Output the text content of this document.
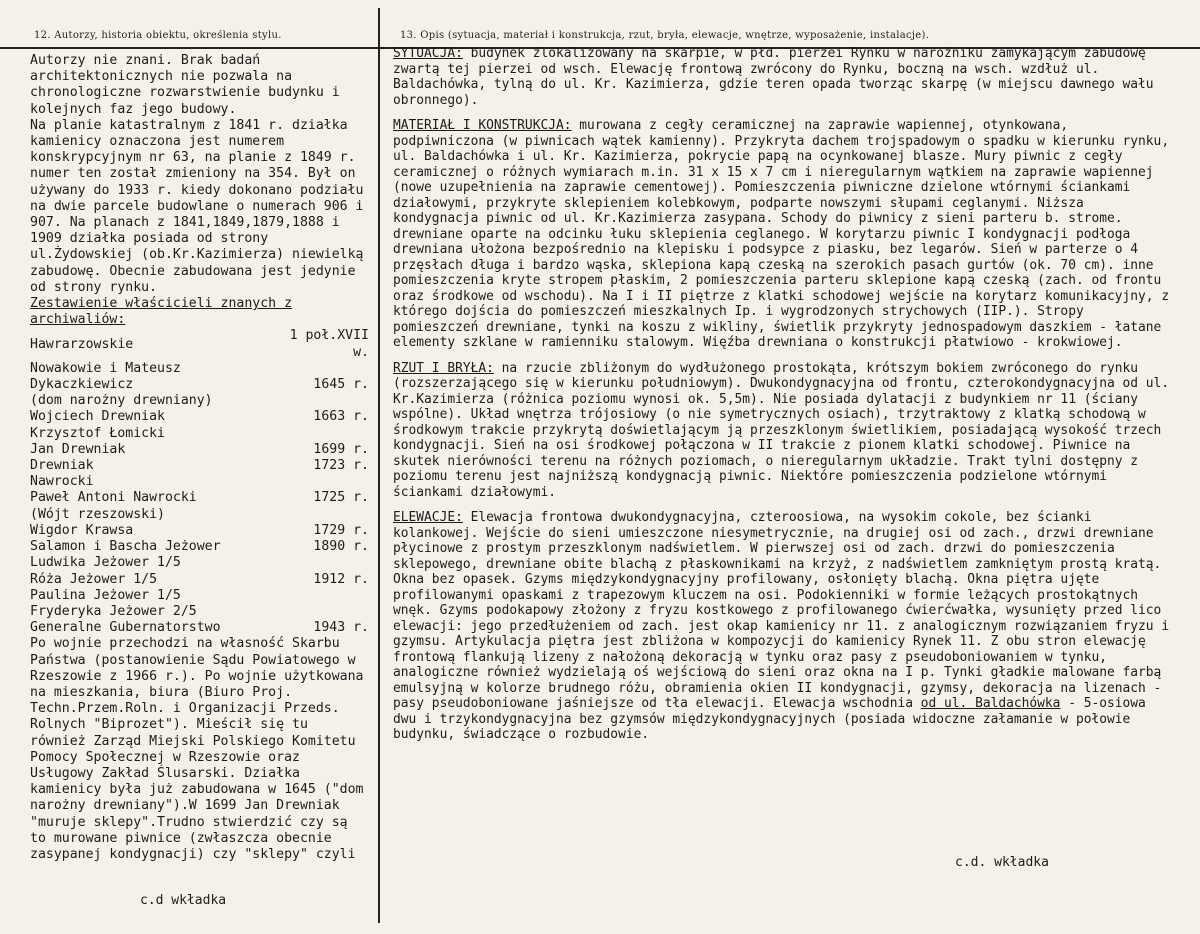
12. Autorzy, historia obiektu, określenia stylu.	13. Opis (sytuacja, materiał i konstrukcja, rzut, bryła, elewacje, wnętrze, wyposażenie, instalacje).

Autorzy nie znani. Brak badań architektonicznych nie pozwala na chronologiczne rozwarstwienie budynku i kolejnych faz jego budowy.

Na planie katastralnym z 1841 r. działka kamienicy oznaczona jest numerem konskrypcyjnym nr 63, na planie z 1849 r. numer ten został zmieniony na 354. Był on używany do 1933 r. kiedy dokonano podziału na dwie parcele budowlane o numerach 906 i 907. Na planach z 1841,1849,1879,1888 i 1909 działka posiada od strony ul.Żydowskiej (ob.Kr.Kazimierza) niewielką zabudowę. Obecnie zabudowana jest jedynie od strony rynku.

Zestawienie właścicieli znanych z archiwaliów:

Hawrarzowskie	1 poł.XVII w.
Nowakowie i Mateusz	
Dykaczkiewicz	1645 r.
(dom narożny drewniany)	
Wojciech Drewniak	1663 r.
Krzysztof Łomicki	
Jan Drewniak	1699 r.
Drewniak	1723 r.
Nawrocki	
Paweł Antoni Nawrocki	1725 r.
(Wójt rzeszowski)	
Wigdor Krawsa	1729 r.
Salamon i Bascha Jeżower	1890 r.
Ludwika Jeżower 1/5	
Róża Jeżower 1/5	1912 r.
Paulina Jeżower 1/5	
Fryderyka Jeżower 2/5	
Generalne Gubernatorstwo	1943 r.

Po wojnie przechodzi na własność Skarbu Państwa (postanowienie Sądu Powiatowego w Rzeszowie z 1966 r.). Po wojnie użytkowana na mieszkania, biura (Biuro Proj. Techn.Przem.Roln. i Organizacji Przeds. Rolnych "Biprozet"). Mieścił się tu również Zarząd Miejski Polskiego Komitetu Pomocy Społecznej w Rzeszowie oraz Usługowy Zakład Ślusarski. Działka kamienicy była już zabudowana w 1645 ("dom narożny drewniany").W 1699 Jan Drewniak "muruje sklepy".Trudno stwierdzić czy są to murowane piwnice (zwłaszcza obecnie zasypanej kondygnacji) czy "sklepy" czyli

c.d wkładka

SYTUACJA: budynek zlokalizowany na skarpie, w płd. pierzei Rynku w narożniku zamykającym zabudowę zwartą tej pierzei od wsch. Elewację frontową zwrócony do Rynku, boczną na wsch. wzdłuż ul. Baldachówka, tylną do ul. Kr. Kazimierza, gdzie teren opada tworząc skarpę (w miejscu dawnego wału obronnego).

MATERIAŁ I KONSTRUKCJA: murowana z cegły ceramicznej na zaprawie wapiennej, otynkowana, podpiwniczona (w piwnicach wątek kamienny). Przykryta dachem trojspadowym o spadku w kierunku rynku, ul. Baldachówka i ul. Kr. Kazimierza, pokrycie papą na ocynkowanej blasze. Mury piwnic z cegły ceramicznej o różnych wymiarach m.in. 31 x 15 x 7 cm i nieregularnym wątkiem na zaprawie wapiennej (nowe uzupełnienia na zaprawie cementowej). Pomieszczenia piwniczne dzielone wtórnymi ściankami działowymi, przykryte sklepieniem kolebkowym, podparte nowszymi słupami ceglanymi. Niższa kondygnacja piwnic od ul. Kr.Kazimierza zasypana. Schody do piwnicy z sieni parteru b. strome. drewniane oparte na odcinku łuku sklepienia ceglanego. W korytarzu piwnic I kondygnacji podłoga drewniana ułożona bezpośrednio na klepisku i podsypce z piasku, bez legarów. Sień w parterze o 4 przęsłach długa i bardzo wąska, sklepiona kapą czeską na szerokich pasach gurtów (ok. 70 cm). inne pomieszczenia kryte stropem płaskim, 2 pomieszczenia parteru sklepione kapą czeską (zach. od frontu oraz środkowe od wschodu). Na I i II piętrze z klatki schodowej wejście na korytarz komunikacyjny, z którego dojścia do pomieszczeń mieszkalnych Ip. i wygrodzonych strychowych (IIP.). Stropy pomieszczeń drewniane, tynki na koszu z wikliny, świetlik przykryty jednospadowym daszkiem - łatane elementy szklane w ramienniku stalowym. Więźba drewniana o konstrukcji płatwiowo - krokwiowej.

RZUT I BRYŁA: na rzucie zbliżonym do wydłużonego prostokąta, krótszym bokiem zwróconego do rynku (rozszerzającego się w kierunku południowym). Dwukondygnacyjna od frontu, czterokondygnacyjna od ul. Kr.Kazimierza (różnica poziomu wynosi ok. 5,5m). Nie posiada dylatacji z budynkiem nr 11 (ściany wspólne). Układ wnętrza trójosiowy (o nie symetrycznych osiach), trzytraktowy z klatką schodową w środkowym trakcie przykrytą doświetlającym ją przeszklonym świetlikiem, posiadającą wysokość trzech kondygnacji. Sień na osi środkowej połączona w II trakcie z pionem klatki schodowej. Piwnice na skutek nierówności terenu na różnych poziomach, o nieregularnym układzie. Trakt tylni dostępny z poziomu terenu jest najniższą kondygnacją piwnic. Niektóre pomieszczenia podzielone wtórnymi ściankami działowymi.

ELEWACJE: Elewacja frontowa dwukondygnacyjna, czteroosiowa, na wysokim cokole, bez ścianki kolankowej. Wejście do sieni umieszczone niesymetrycznie, na drugiej osi od zach., drzwi drewniane płycinowe z prostym przeszklonym nadświetlem. W pierwszej osi od zach. drzwi do pomieszczenia sklepowego, drewniane obite blachą z płaskownikami na krzyż, z nadświetlem zamkniętym prostą kratą. Okna bez opasek. Gzyms międzykondygnacyjny profilowany, osłonięty blachą. Okna piętra ujęte profilowanymi opaskami z trapezowym kluczem na osi. Podokienniki w formie leżących prostokątnych wnęk. Gzyms podokapowy złożony z fryzu kostkowego z profilowanego ćwierćwałka, wysunięty przed lico elewacji: jego przedłużeniem od zach. jest okap kamienicy nr 11. z analogicznym rozwiązaniem fryzu i gzymsu. Artykulacja piętra jest zbliżona w kompozycji do kamienicy Rynek 11. Z obu stron elewację frontową flankują lizeny z nałożoną dekoracją w tynku oraz pasy z pseudoboniowaniem w tynku, analogiczne również wydzielają oś wejściową do sieni oraz okna na I p. Tynki gładkie malowane farbą emulsyjną w kolorze brudnego różu, obramienia okien II kondygnacji, gzymsy, dekoracja na lizenach - pasy pseudoboniowane jaśniejsze od tła elewacji. Elewacja wschodnia od ul. Baldachówka - 5-osiowa dwu i trzykondygnacyjna bez gzymsów międzykondygnacyjnych (posiada widoczne załamanie w połowie budynku, świadczące o rozbudowie.

c.d. wkładka
